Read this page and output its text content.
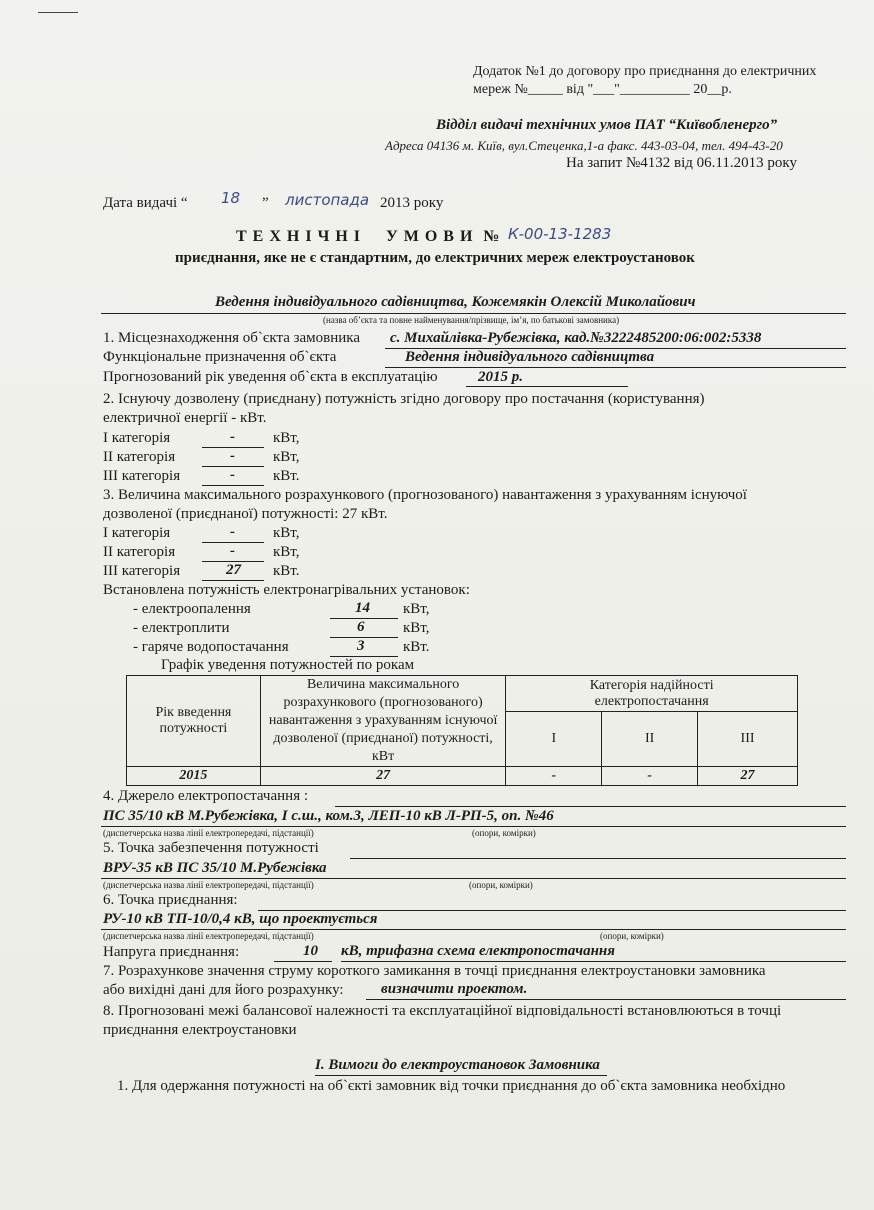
Додаток №1 до договору про приєднання до електричних
мереж №_____ від "___"__________ 20__р.
Відділ видачі технічних умов ПАТ “Київобленерго”
Адреса 04136 м. Київ, вул.Стеценка,1-а факс. 443-03-04, тел. 494-43-20
На запит №4132 від 06.11.2013 року
Дата видачі “ 18 ” листопада 2013 року
Т Е Х Н І Ч Н І     У М О В И  № К-00-13-1283
приєднання, яке не є стандартним, до електричних мереж електроустановок
Ведення індивідуального садівництва, Кожемякін Олексій Миколайович
(назва об’єкта та повне найменування/прізвище, ім’я, по батькові замовника)
1. Місцезнаходження об`єкта замовника с. Михайлівка-Рубежівка, кад.№3222485200:06:002:5338
Функціональне призначення об`єкта	Ведення індивідуального садівництва
Прогнозований рік уведення об`єкта в експлуатацію	2015 р.
2. Існуючу дозволену (приєднану) потужність згідно договору про постачання (користування)
електричної енергії - кВт.
I категорія	-	кВт,
II категорія	-	кВт,
III категорія	-	кВт.
3. Величина максимального розрахункового (прогнозованого) навантаження з урахуванням існуючої
дозволеної (приєднаної) потужності: 27 кВт.
I категорія	-	кВт,
II категорія	-	кВт,
III категорія	27 кВт.
Встановлена потужність електронагрівальних установок:
- електроопалення	14 кВт,
- електроплити	6	кВт,
- гаряче водопостачання	3	кВт.
Графік уведення потужностей по рокам
Рік введення потужності	Величина максимального розрахункового (прогнозованого) навантаження з урахуванням існуючої дозволеної (приєднаної) потужності, кВт	Категорія надійності електропостачання		
		I	II	III
2015	27	-	-	27
4. Джерело електропостачання :
ПС 35/10 кВ М.Рубежівка, І с.ш., ком.3, ЛЕП-10 кВ Л-РП-5, оп. №46
(диспетчерська назва лінії електропередачі, підстанції)	(опори, комірки)
5. Точка забезпечення потужності
ВРУ-35 кВ ПС 35/10 М.Рубежівка
(диспетчерська назва лінії електропередачі, підстанції)	(опори, комірки)
6. Точка приєднання:
РУ-10 кВ ТП-10/0,4 кВ, що проектується
(диспетчерська назва лінії електропередачі, підстанції)	(опори, комірки)
Напруга приєднання:	10 кВ, трифазна схема електропостачання
7. Розрахункове значення струму короткого замикання в точці приєднання електроустановки замовника
або вихідні дані для його розрахунку: визначити проектом.
8. Прогнозовані межі балансової належності та експлуатаційної відповідальності встановлюються в точці
приєднання електроустановки
І. Вимоги до електроустановок Замовника
1. Для одержання потужності на об`єкті замовник від точки приєднання до об`єкта замовника необхідно
